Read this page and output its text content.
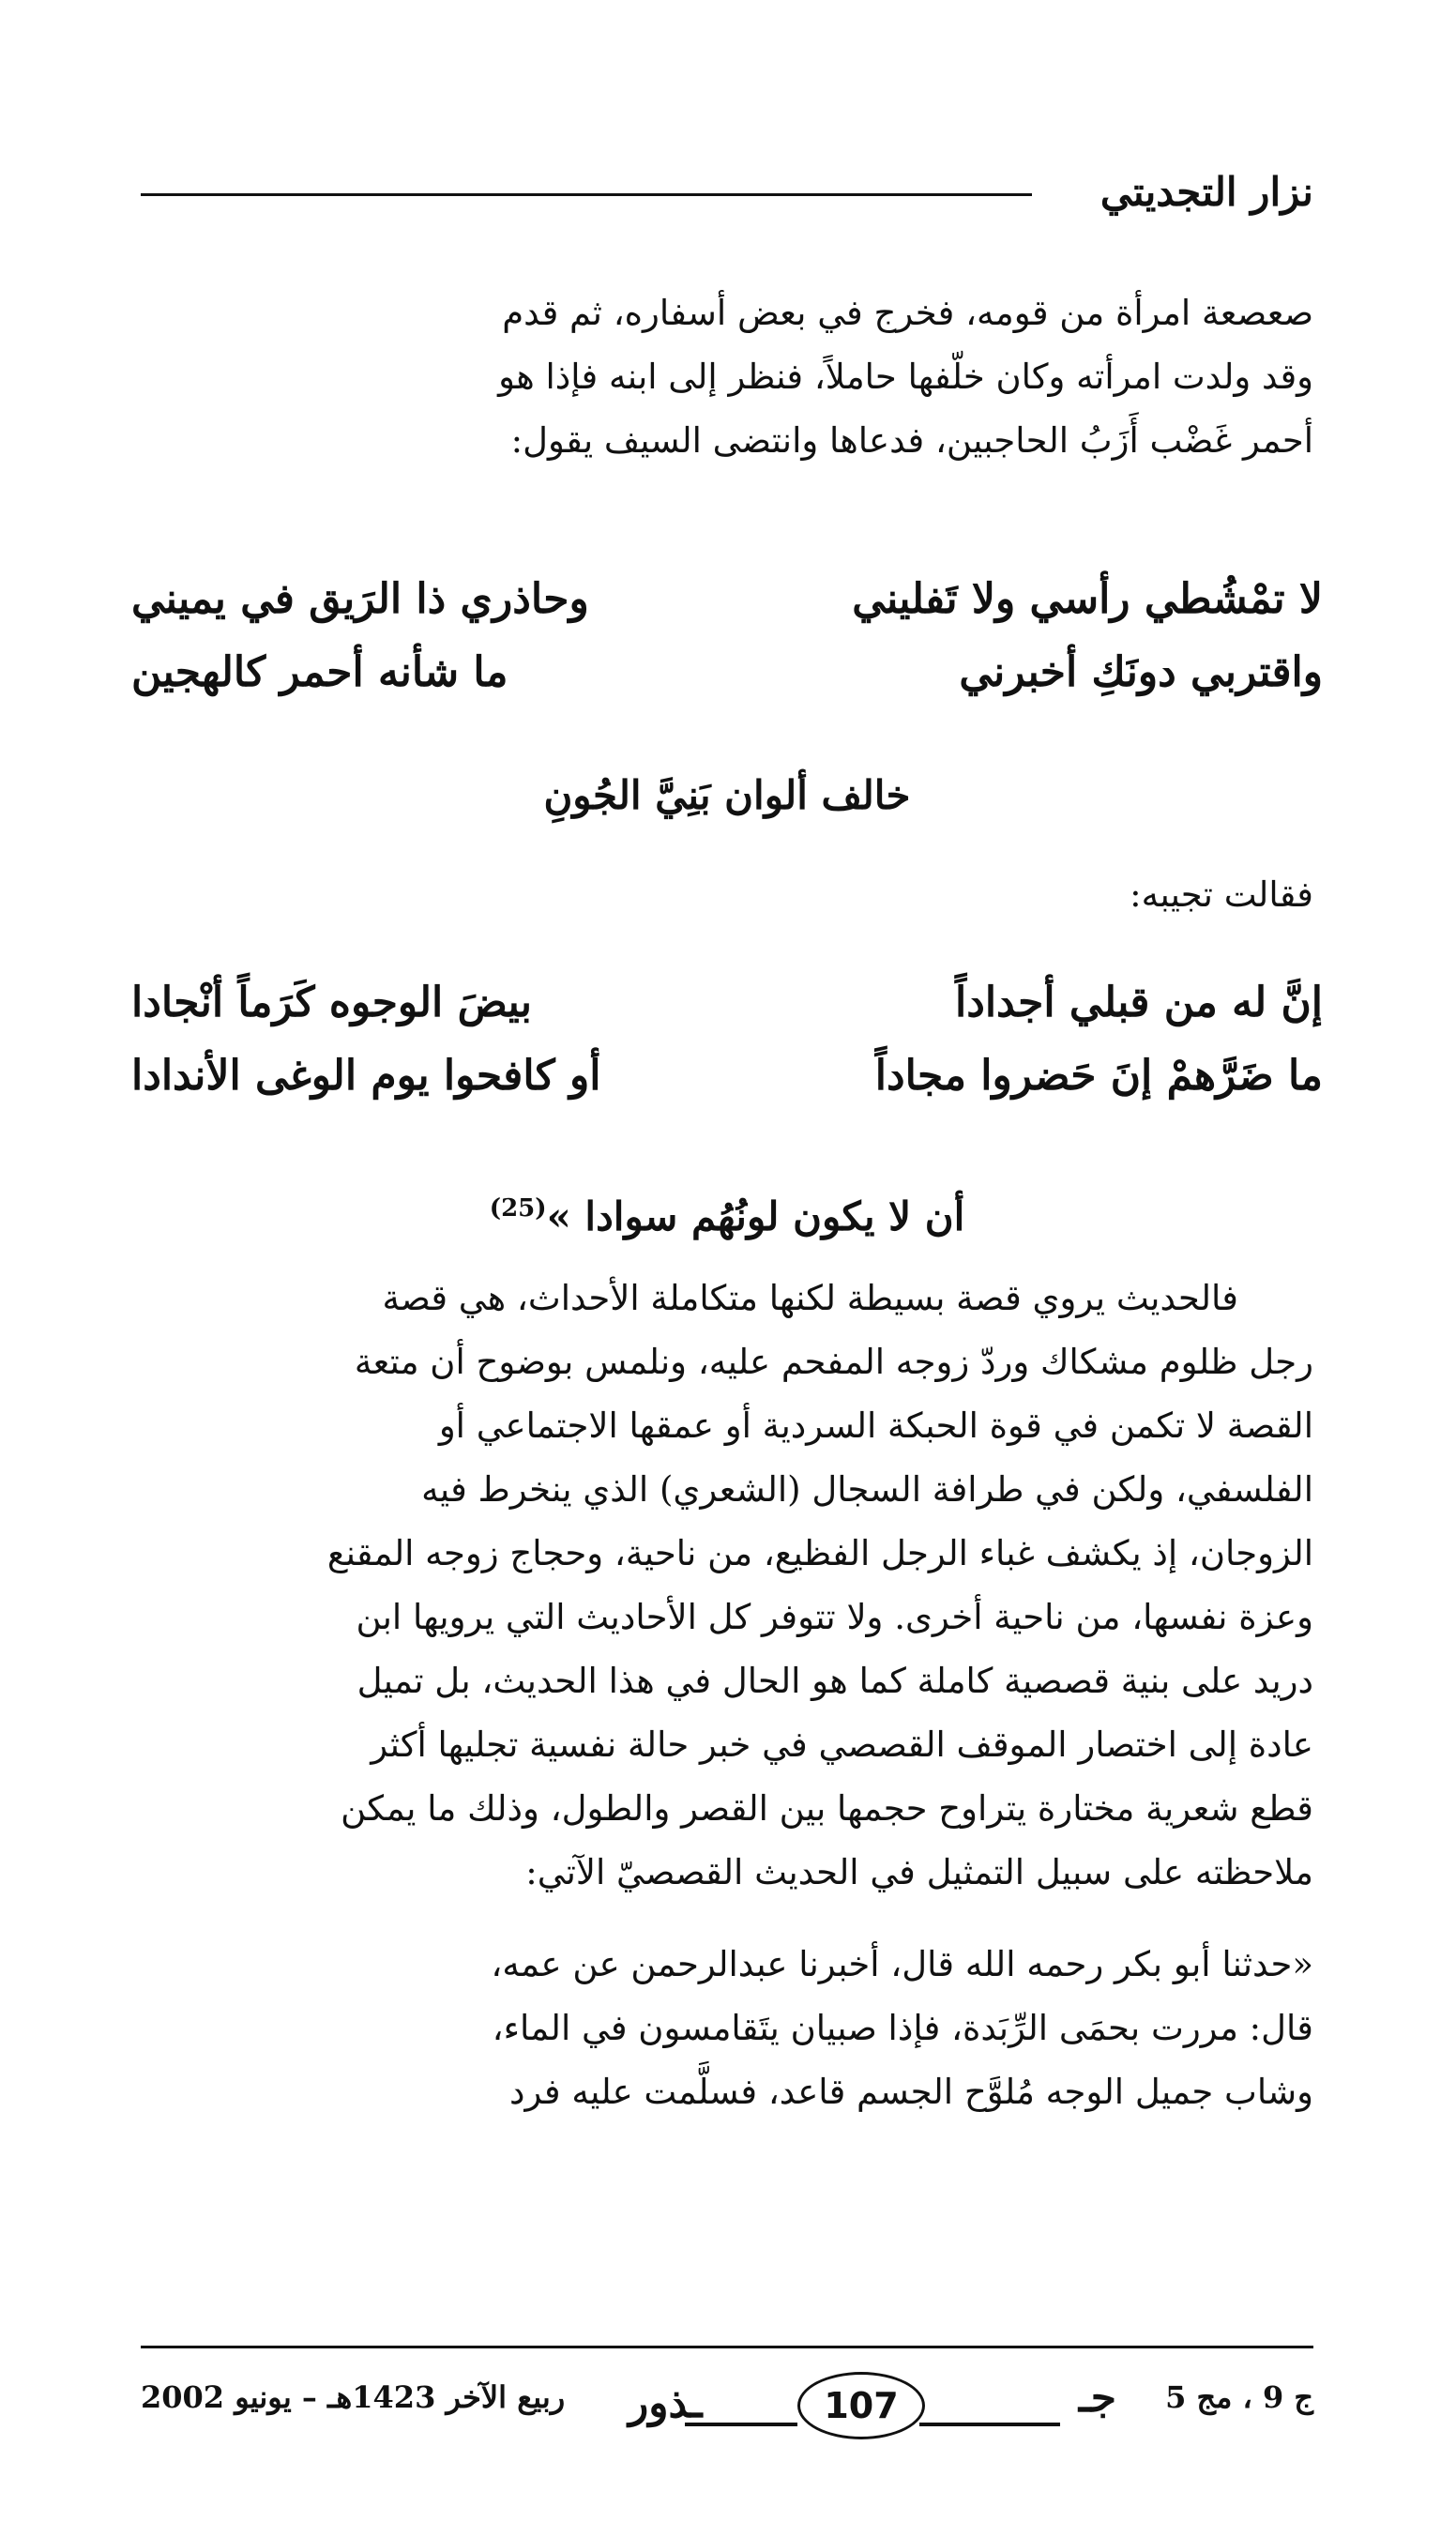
نزار التجديتي

صعصعة امرأة من قومه، فخرج في بعض أسفاره، ثم قدم

وقد ولدت امرأته وكان خلّفها حاملاً، فنظر إلى ابنه فإذا هو

أحمر غَضْب أَزَبُ الحاجبين، فدعاها وانتضى السيف يقول:

لا تمْشُطي رأسي ولا تَفليني
وحاذري ذا الرَيق في يميني
واقتربي دونَكِ أخبرني
ما شأنه أحمر كالهجين
خالف ألوان بَنِيَّ الجُونِ

فقالت تجيبه:

إنَّ له من قبلي أجداداً
بيضَ الوجوه كَرَماً أنْجادا
ما ضَرَّهمْ إنَ حَضروا مجاداً
أو كافحوا يوم الوغى الأندادا
أن لا يكون لونُهُم سوادا »$^{(25)}$

فالحديث يروي قصة بسيطة لكنها متكاملة الأحداث، هي قصة

رجل ظلوم مشكاك وردّ زوجه المفحم عليه، ونلمس بوضوح أن متعة

القصة لا تكمن في قوة الحبكة السردية أو عمقها الاجتماعي أو

الفلسفي، ولكن في طرافة السجال (الشعري) الذي ينخرط فيه

الزوجان، إذ يكشف غباء الرجل الفظيع، من ناحية، وحجاج زوجه المقنع

وعزة نفسها، من ناحية أخرى. ولا تتوفر كل الأحاديث التي يرويها ابن

دريد على بنية قصصية كاملة كما هو الحال في هذا الحديث، بل تميل

عادة إلى اختصار الموقف القصصي في خبر حالة نفسية تجليها أكثر

قطع شعرية مختارة يتراوح حجمها بين القصر والطول، وذلك ما يمكن

ملاحظته على سبيل التمثيل في الحديث القصصيّ الآتي:

«حدثنا أبو بكر رحمه الله قال، أخبرنا عبدالرحمن عن عمه،

قال: مررت بحمَى الرِّبَدة، فإذا صبيان يتَقامسون في الماء،

وشاب جميل الوجه مُلوَّح الجسم قاعد، فسلَّمت عليه فرد

ج 9 ، مج 5
جـ
107
ـذور
ربيع الآخر 1423هـ – يونيو 2002
